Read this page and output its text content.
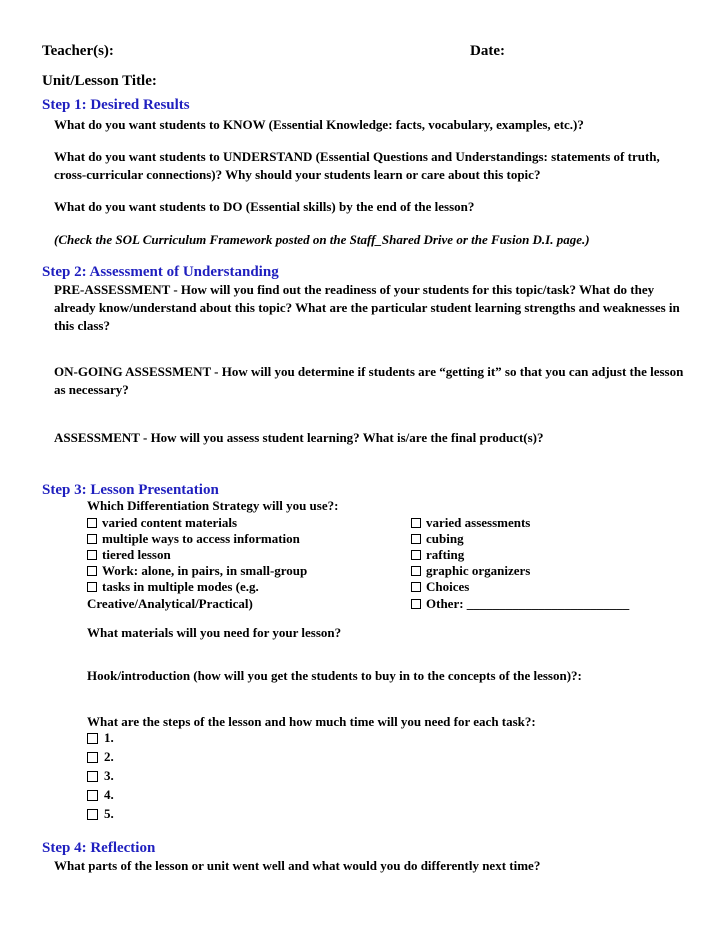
Teacher(s):	Date:
Unit/Lesson Title:
Step 1: Desired Results
What do you want students to KNOW (Essential Knowledge: facts, vocabulary, examples, etc.)?
What do you want students to UNDERSTAND (Essential Questions and Understandings: statements of truth, cross-curricular connections)? Why should your students learn or care about this topic?
What do you want students to DO (Essential skills) by the end of the lesson?
(Check the SOL Curriculum Framework posted on the Staff_Shared Drive or the Fusion D.I. page.)
Step 2: Assessment of Understanding
PRE-ASSESSMENT - How will you find out the readiness of your students for this topic/task? What do they already know/understand about this topic? What are the particular student learning strengths and weaknesses in this class?
ON-GOING ASSESSMENT - How will you determine if students are “getting it” so that you can adjust the lesson as necessary?
ASSESSMENT - How will you assess student learning? What is/are the final product(s)?
Step 3: Lesson Presentation
Which Differentiation Strategy will you use?:
varied content materials
multiple ways to access information
tiered lesson
Work: alone, in pairs, in small-group
tasks in multiple modes (e.g.
Creative/Analytical/Practical)
varied assessments
cubing
rafting
graphic organizers
Choices
Other: _________________________
What materials will you need for your lesson?
Hook/introduction (how will you get the students to buy in to the concepts of the lesson)?:
What are the steps of the lesson and how much time will you need for each task?:
1.
2.
3.
4.
5.
Step 4: Reflection
What parts of the lesson or unit went well and what would you do differently next time?
